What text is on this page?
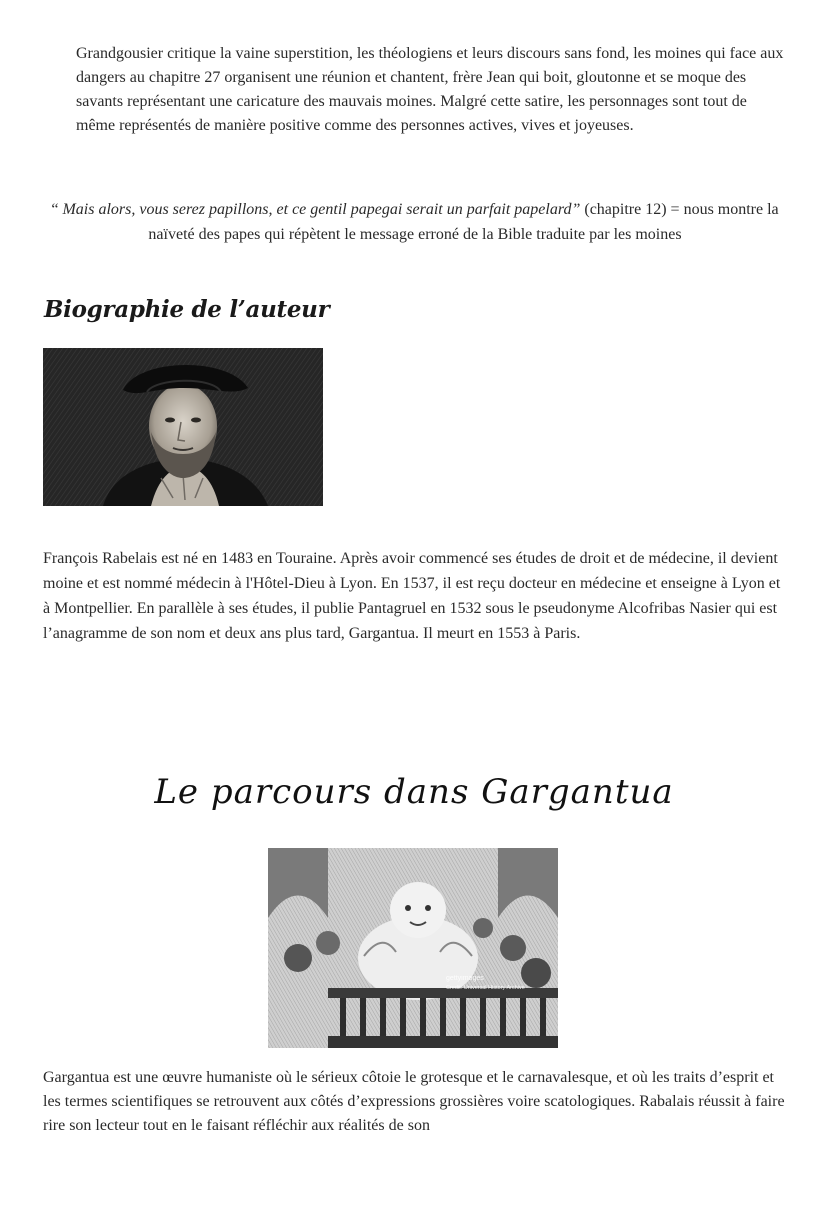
Grandgousier critique la vaine superstition, les théologiens et leurs discours sans fond, les moines qui face aux dangers au chapitre 27 organisent une réunion et chantent, frère Jean qui boit, gloutonne et se moque des savants représentant une caricature des mauvais moines. Malgré cette satire, les personnages sont tout de même représentés de manière positive comme des personnes actives, vives et joyeuses.

“ Mais alors, vous serez papillons, et ce gentil papegai serait un parfait papelard” (chapitre 12) = nous montre la naïveté des papes qui répètent le message erroné de la Bible traduite par les moines

Biographie de l’auteur

François Rabelais est né en 1483 en Touraine. Après avoir commencé ses études de droit et de médecine, il devient moine et est nommé médecin à l'Hôtel-Dieu à Lyon. En 1537, il est reçu docteur en médecine et enseigne à Lyon et à Montpellier. En parallèle à ses études, il publie Pantagruel en 1532 sous le pseudonyme Alcofribas Nasier qui est l’anagramme de son nom et deux ans plus tard, Gargantua. Il meurt en 1553 à Paris.

Le parcours dans Gargantua
gettyimages
Credit: Universal History Archive

Gargantua est une œuvre humaniste où le sérieux côtoie le grotesque et le carnavalesque, et où les traits d’esprit et les termes scientifiques se retrouvent aux côtés d’expressions grossières voire scatologiques. Rabalais réussit à faire rire son lecteur tout en le faisant réfléchir aux réalités de son
